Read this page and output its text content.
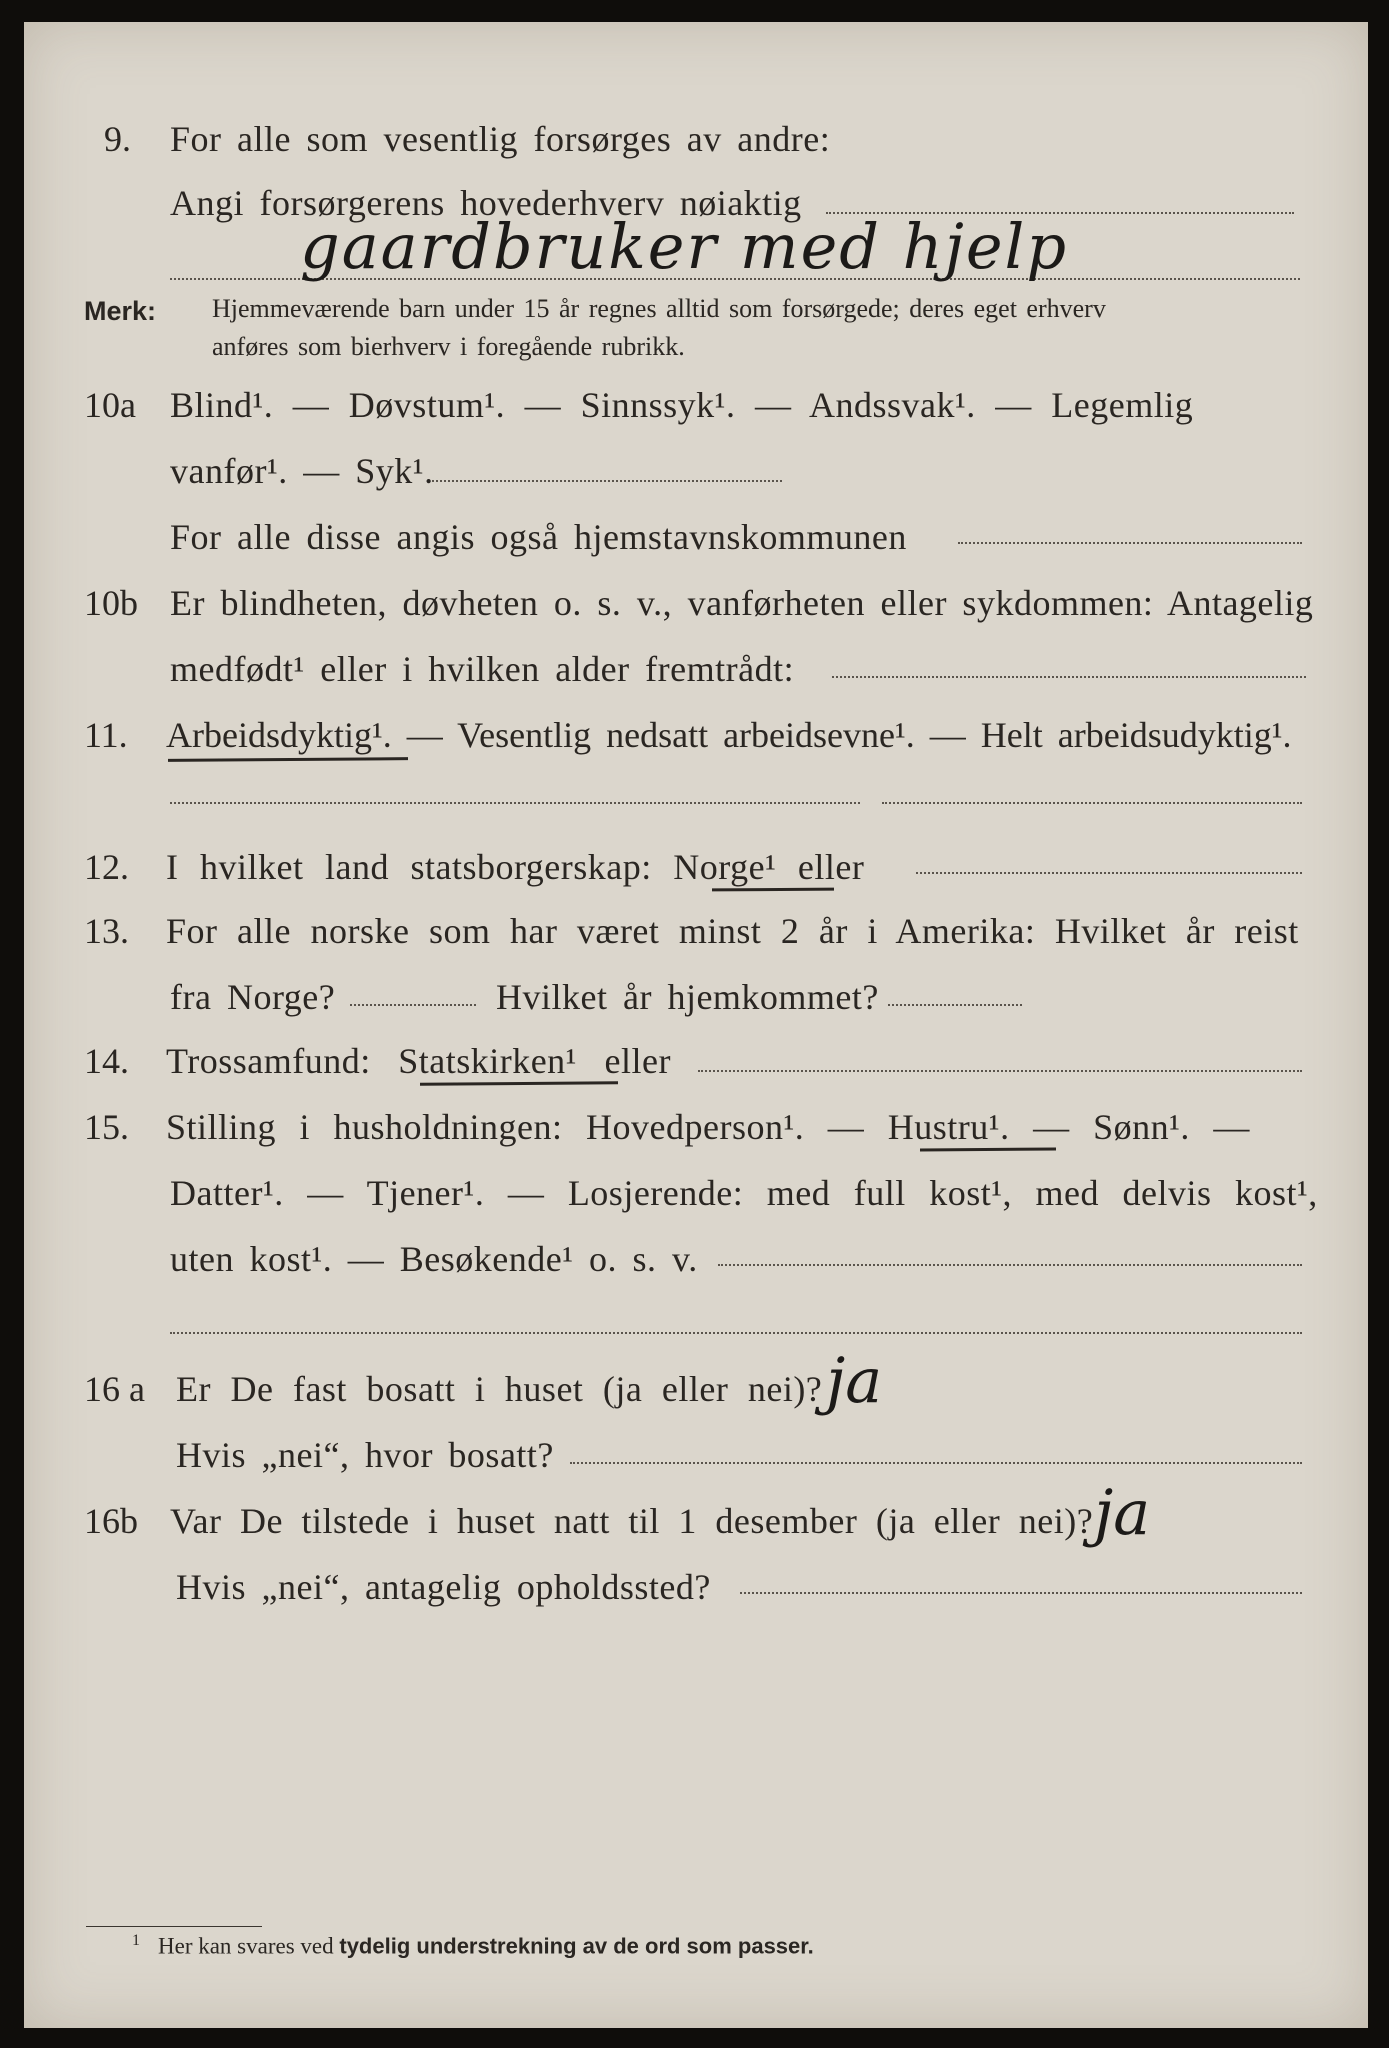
9. For alle som vesentlig forsørges av andre:
Angi forsørgerens hovederhverv nøiaktig
gaardbruker med hjelp
Merk: Hjemmeværende barn under 15 år regnes alltid som forsørgede; deres eget erhverv
anføres som bierhverv i foregående rubrikk.
10a Blind¹. — Døvstum¹. — Sinnssyk¹. — Andssvak¹. — Legemlig
vanfør¹. — Syk¹.
For alle disse angis også hjemstavnskommunen
10b Er blindheten, døvheten o. s. v., vanførheten eller sykdommen: Antagelig
medfødt¹ eller i hvilken alder fremtrådt:
11. Arbeidsdyktig¹. — Vesentlig nedsatt arbeidsevne¹. — Helt arbeidsudyktig¹.
12. I hvilket land statsborgerskap: Norge¹ eller
13. For alle norske som har været minst 2 år i Amerika: Hvilket år reist
fra Norge?	Hvilket år hjemkommet?
14. Trossamfund: Statskirken¹ eller
15. Stilling i husholdningen: Hovedperson¹. — Hustru¹. — Sønn¹. —
Datter¹. — Tjener¹. — Losjerende: med full kost¹, med delvis kost¹,
uten kost¹. — Besøkende¹ o. s. v.
16 a Er De fast bosatt i huset (ja eller nei)? ja
Hvis „nei“, hvor bosatt?
16b Var De tilstede i huset natt til 1 desember (ja eller nei)? ja
Hvis „nei“, antagelig opholdssted?
$^1$ Her kan svares ved tydelig understrekning av de ord som passer.
